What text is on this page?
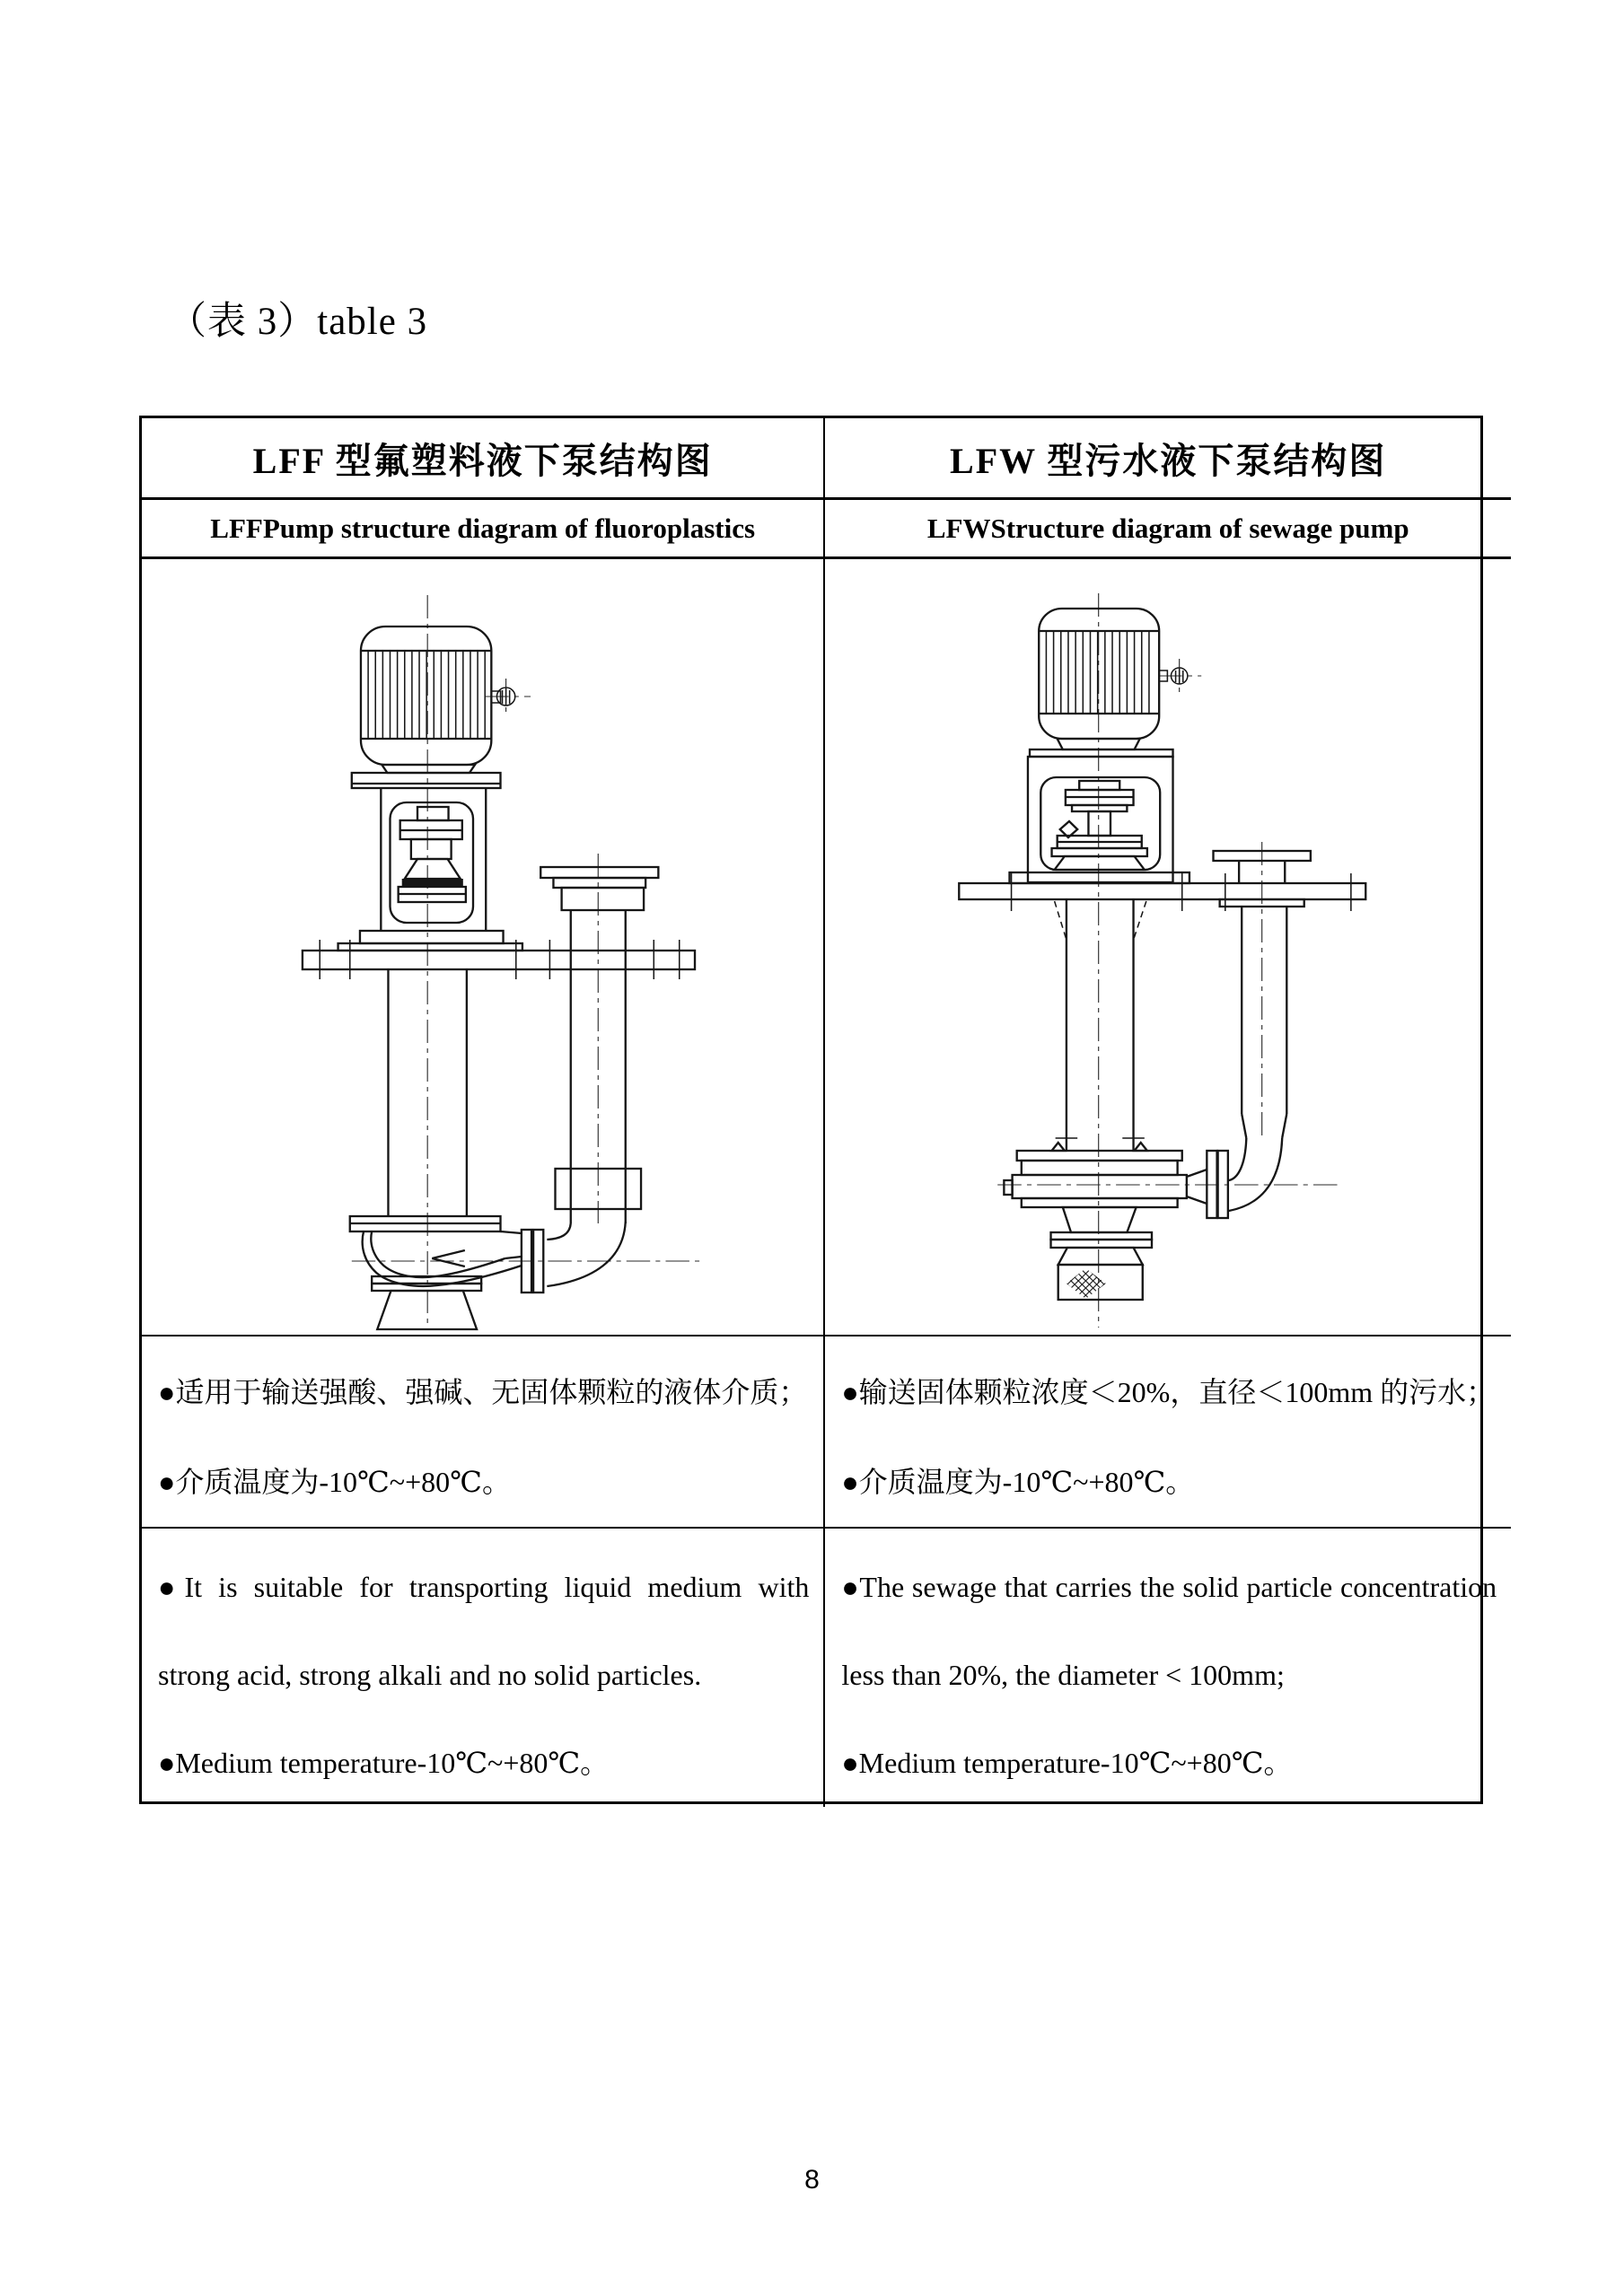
（表 3）table 3
LFF 型氟塑料液下泵结构图	LFW 型污水液下泵结构图
LFFPump structure diagram of fluoroplastics	LFWStructure diagram of sewage pump

●适用于输送强酸、强碱、无固体颗粒的液体介质；

●介质温度为-10℃~+80℃。

●输送固体颗粒浓度＜20%，直径＜100mm 的污水；

●介质温度为-10℃~+80℃。

●It is suitable for transporting liquid medium with strong acid, strong alkali and no solid particles.

●Medium temperature-10℃~+80℃。

●The sewage that carries the solid particle concentration less than 20%, the diameter < 100mm;

●Medium temperature-10℃~+80℃。

8
